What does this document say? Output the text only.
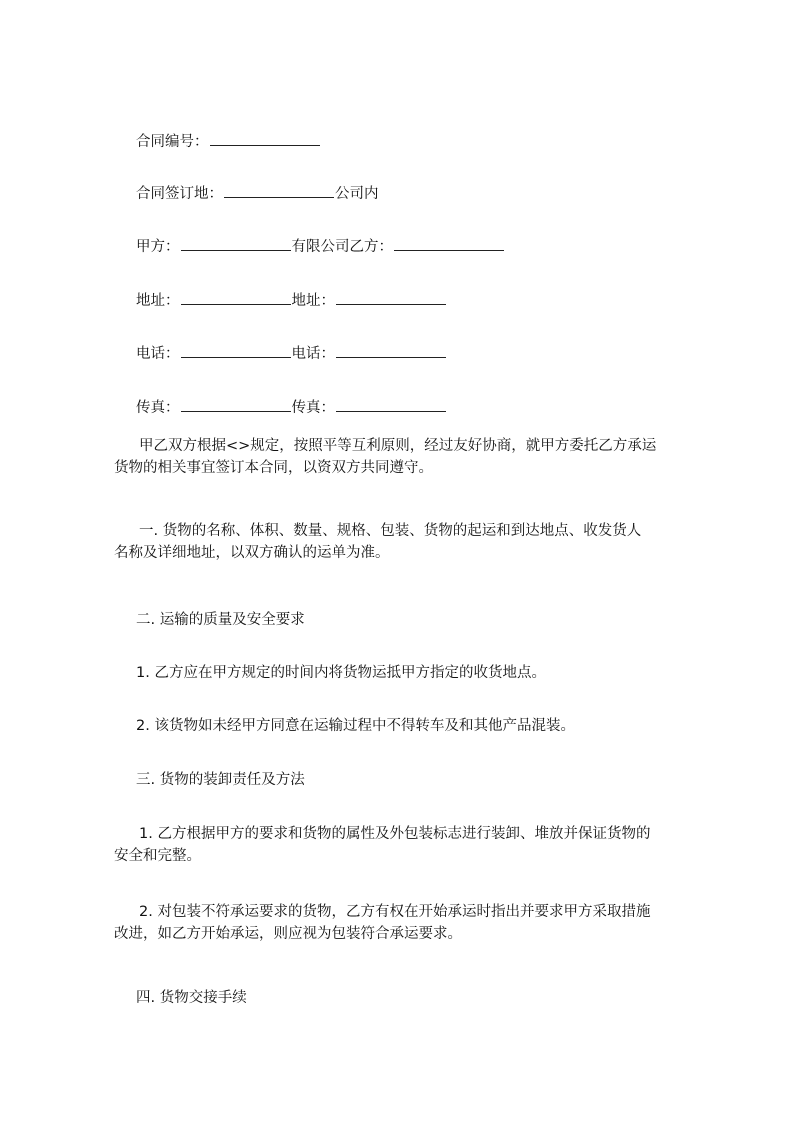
合同编号：
合同签订地：	公司内
甲方：	有限公司乙方：
地址：	地址：
电话：	电话：
传真：	传真：
甲乙双方根据<>规定，按照平等互利原则，经过友好协商，就甲方委托乙方承运
货物的相关事宜签订本合同，以资双方共同遵守。
一. 货物的名称、体积、数量、规格、包装、货物的起运和到达地点、收发货人
名称及详细地址，以双方确认的运单为准。
二. 运输的质量及安全要求
1. 乙方应在甲方规定的时间内将货物运抵甲方指定的收货地点。
2. 该货物如未经甲方同意在运输过程中不得转车及和其他产品混装。
三. 货物的装卸责任及方法
1. 乙方根据甲方的要求和货物的属性及外包装标志进行装卸、堆放并保证货物的
安全和完整。
2. 对包装不符承运要求的货物，乙方有权在开始承运时指出并要求甲方采取措施
改进，如乙方开始承运，则应视为包装符合承运要求。
四. 货物交接手续
